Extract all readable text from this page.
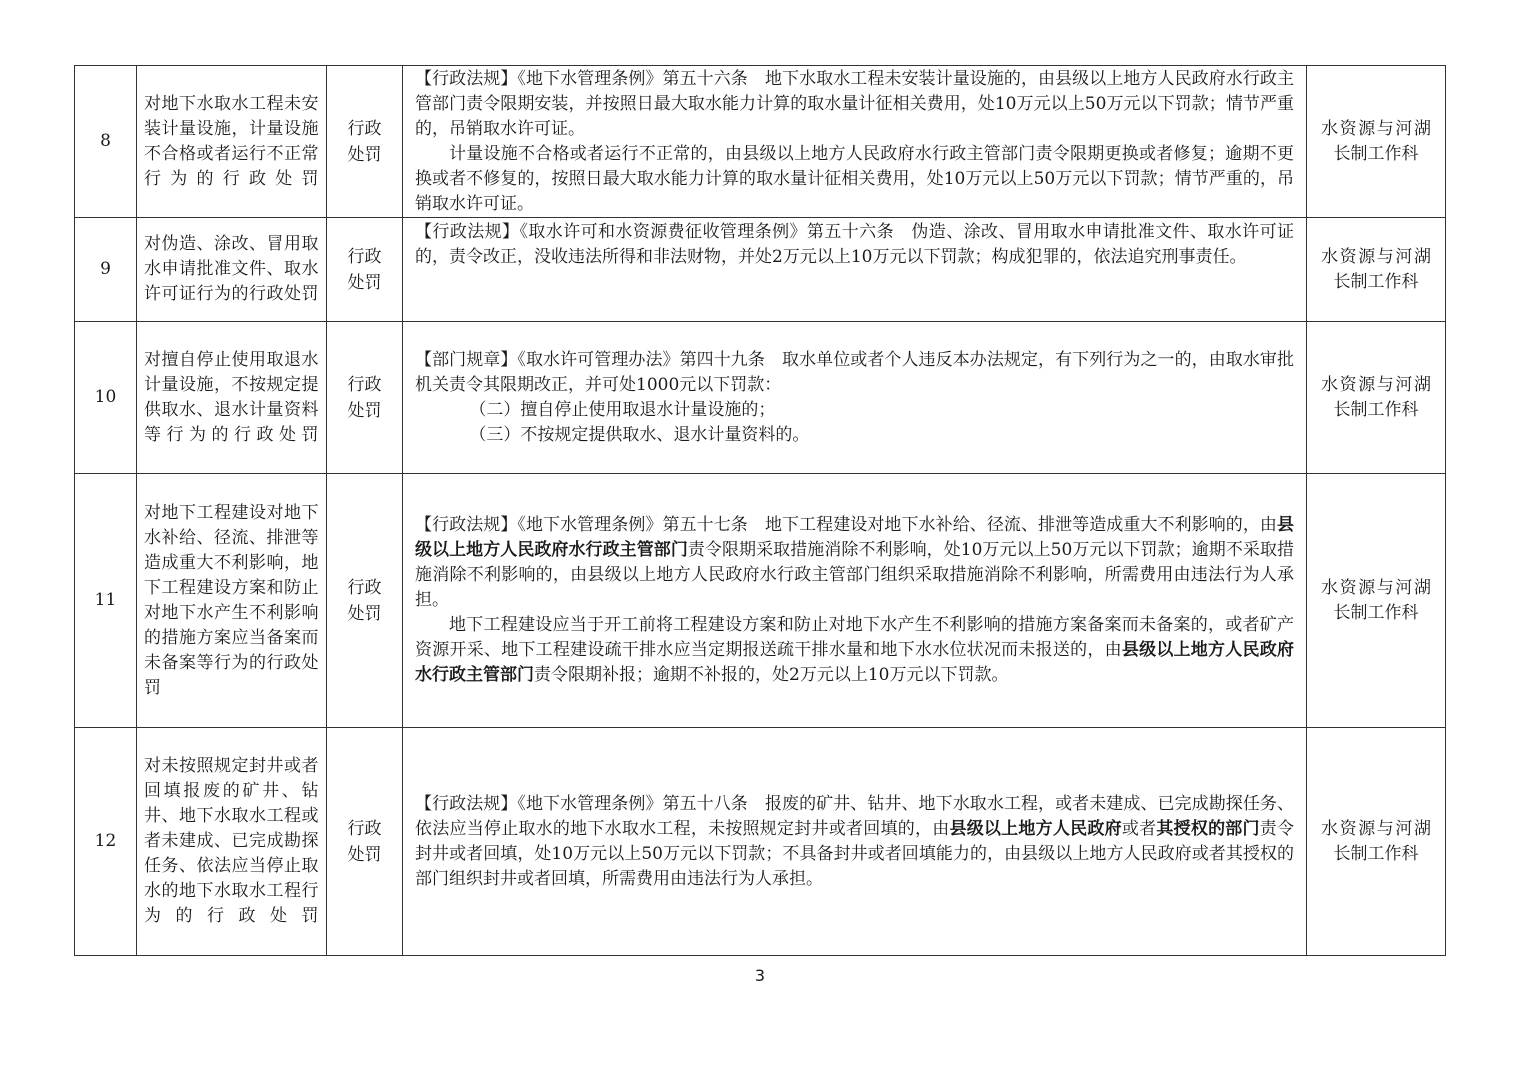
8	对地下水取水工程未安装计量设施，计量设施不合格或者运行不正常行为的行政处罚	行政处罚	【行政法规】《地下水管理条例》第五十六条　地下水取水工程未安装计量设施的，由县级以上地方人民政府水行政主管部门责令限期安装，并按照日最大取水能力计算的取水量计征相关费用，处10万元以上50万元以下罚款；情节严重的，吊销取水许可证。
计量设施不合格或者运行不正常的，由县级以上地方人民政府水行政主管部门责令限期更换或者修复；逾期不更换或者不修复的，按照日最大取水能力计算的取水量计征相关费用，处10万元以上50万元以下罚款；情节严重的，吊销取水许可证。	水资源与河湖长制工作科

9	对伪造、涂改、冒用取水申请批准文件、取水许可证行为的行政处罚	行政处罚	【行政法规】《取水许可和水资源费征收管理条例》第五十六条　伪造、涂改、冒用取水申请批准文件、取水许可证的，责令改正，没收违法所得和非法财物，并处2万元以上10万元以下罚款；构成犯罪的，依法追究刑事责任。	水资源与河湖长制工作科

10	对擅自停止使用取退水计量设施，不按规定提供取水、退水计量资料等行为的行政处罚	行政处罚	【部门规章】《取水许可管理办法》第四十九条　取水单位或者个人违反本办法规定，有下列行为之一的，由取水审批机关责令其限期改正，并可处1000元以下罚款：
（二）擅自停止使用取退水计量设施的；
（三）不按规定提供取水、退水计量资料的。	水资源与河湖长制工作科

11	对地下工程建设对地下水补给、径流、排泄等造成重大不利影响，地下工程建设方案和防止对地下水产生不利影响的措施方案应当备案而未备案等行为的行政处罚	行政处罚	【行政法规】《地下水管理条例》第五十七条　地下工程建设对地下水补给、径流、排泄等造成重大不利影响的，由县级以上地方人民政府水行政主管部门责令限期采取措施消除不利影响，处10万元以上50万元以下罚款；逾期不采取措施消除不利影响的，由县级以上地方人民政府水行政主管部门组织采取措施消除不利影响，所需费用由违法行为人承担。
地下工程建设应当于开工前将工程建设方案和防止对地下水产生不利影响的措施方案备案而未备案的，或者矿产资源开采、地下工程建设疏干排水应当定期报送疏干排水量和地下水水位状况而未报送的，由县级以上地方人民政府水行政主管部门责令限期补报；逾期不补报的，处2万元以上10万元以下罚款。	水资源与河湖长制工作科

12	对未按照规定封井或者回填报废的矿井、钻井、地下水取水工程或者未建成、已完成勘探任务、依法应当停止取水的地下水取水工程行为的行政处罚	行政处罚	【行政法规】《地下水管理条例》第五十八条　报废的矿井、钻井、地下水取水工程，或者未建成、已完成勘探任务、依法应当停止取水的地下水取水工程，未按照规定封井或者回填的，由县级以上地方人民政府或者其授权的部门责令封井或者回填，处10万元以上50万元以下罚款；不具备封井或者回填能力的，由县级以上地方人民政府或者其授权的部门组织封井或者回填，所需费用由违法行为人承担。	水资源与河湖长制工作科
3
